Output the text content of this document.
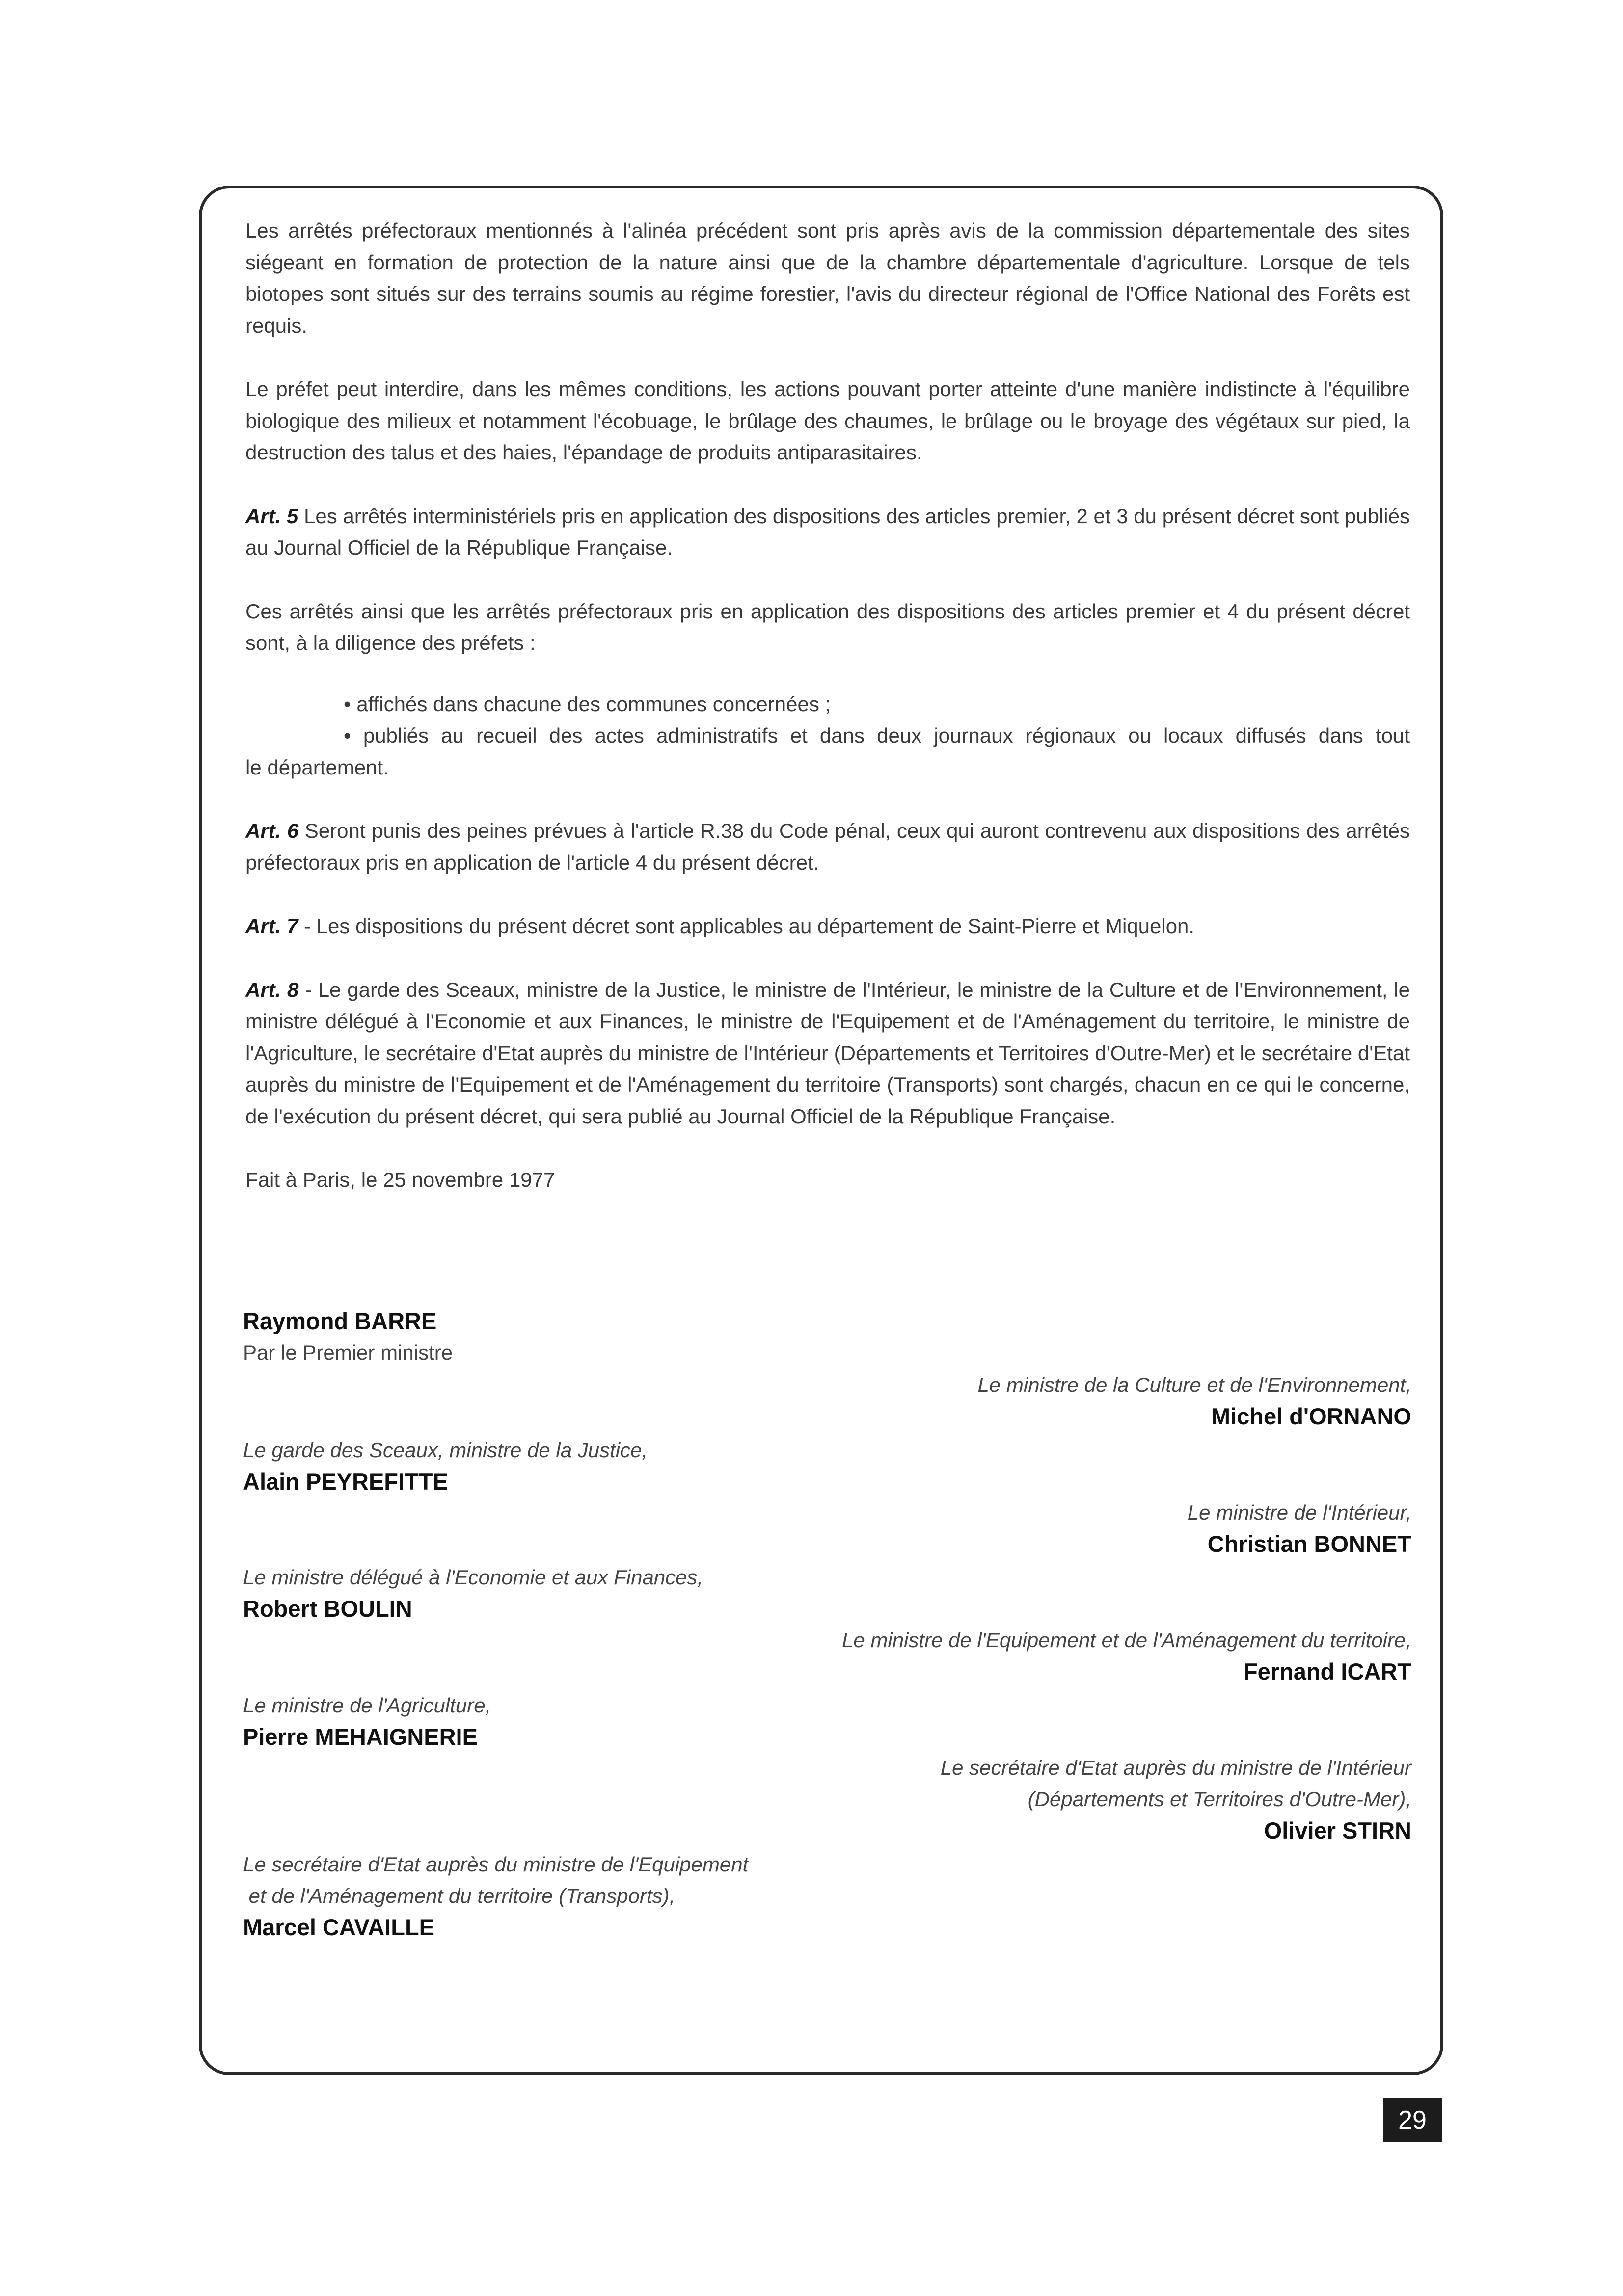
Les arrêtés préfectoraux mentionnés à l'alinéa précédent sont pris après avis de la commission départementale des sites siégeant en formation de protection de la nature ainsi que de la chambre départementale d'agriculture. Lorsque de tels biotopes sont situés sur des terrains soumis au régime forestier, l'avis du directeur régional de l'Office National des Forêts est requis.

Le préfet peut interdire, dans les mêmes conditions, les actions pouvant porter atteinte d'une manière indistincte à l'équilibre biologique des milieux et notamment l'écobuage, le brûlage des chaumes, le brûlage ou le broyage des végétaux sur pied, la destruction des talus et des haies, l'épandage de produits antiparasitaires.

Art. 5 Les arrêtés interministériels pris en application des dispositions des articles premier, 2 et 3 du présent décret sont publiés au Journal Officiel de la République Française.

Ces arrêtés ainsi que les arrêtés préfectoraux pris en application des dispositions des articles premier et 4 du présent décret sont, à la diligence des préfets :

• affichés dans chacune des communes concernées ;

• publiés au recueil des actes administratifs et dans deux journaux régionaux ou locaux diffusés dans tout

le département.

Art. 6 Seront punis des peines prévues à l'article R.38 du Code pénal, ceux qui auront contrevenu aux dispositions des arrêtés préfectoraux pris en application de l'article 4 du présent décret.

Art. 7 - Les dispositions du présent décret sont applicables au département de Saint-Pierre et Miquelon.

Art. 8 - Le garde des Sceaux, ministre de la Justice, le ministre de l'Intérieur, le ministre de la Culture et de l'Environnement, le ministre délégué à l'Economie et aux Finances, le ministre de l'Equipement et de l'Aménagement du territoire, le ministre de l'Agriculture, le secrétaire d'Etat auprès du ministre de l'Intérieur (Départements et Territoires d'Outre-Mer) et le secrétaire d'Etat auprès du ministre de l'Equipement et de l'Aménagement du territoire (Transports) sont chargés, chacun en ce qui le concerne, de l'exécution du présent décret, qui sera publié au Journal Officiel de la République Française.

Fait à Paris, le 25 novembre 1977

Raymond BARRE
Par le Premier ministre
Le ministre de la Culture et de l'Environnement,
Michel d'ORNANO
Le garde des Sceaux, ministre de la Justice,
Alain PEYREFITTE
Le ministre de l'Intérieur,
Christian BONNET
Le ministre délégué à l'Economie et aux Finances,
Robert BOULIN
Le ministre de l'Equipement et de l'Aménagement du territoire,
Fernand ICART
Le ministre de l'Agriculture,
Pierre MEHAIGNERIE
Le secrétaire d'Etat auprès du ministre de l'Intérieur
(Départements et Territoires d'Outre-Mer),
Olivier STIRN
Le secrétaire d'Etat auprès du ministre de l'Equipement
et de l'Aménagement du territoire (Transports),
Marcel CAVAILLE
29
